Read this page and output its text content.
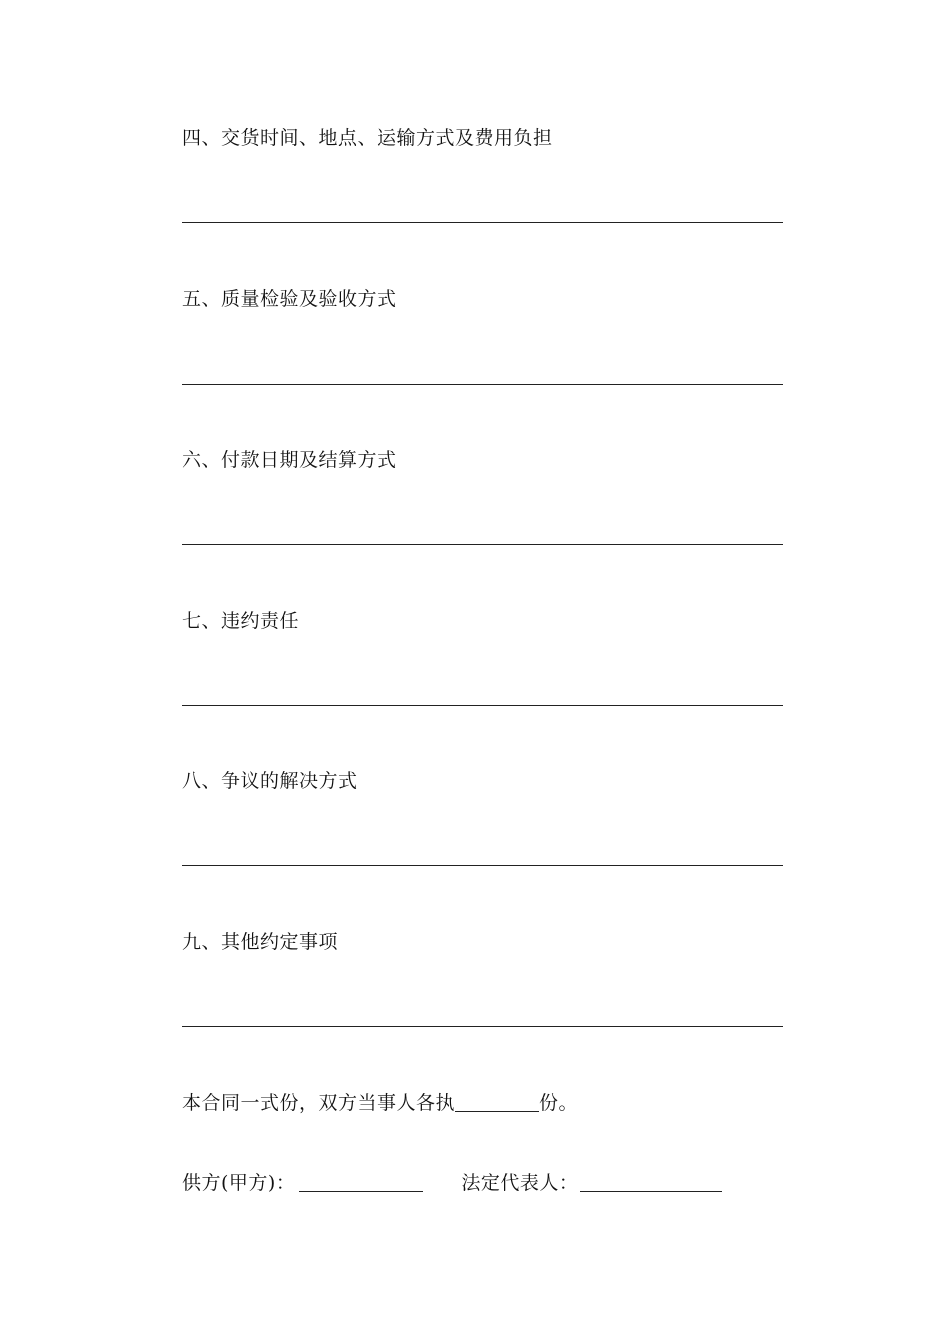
四、交货时间、地点、运输方式及费用负担
五、质量检验及验收方式
六、付款日期及结算方式
七、违约责任
八、争议的解决方式
九、其他约定事项
本合同一式份，双方当事人各执	份。
供方(甲方)：	法定代表人：
